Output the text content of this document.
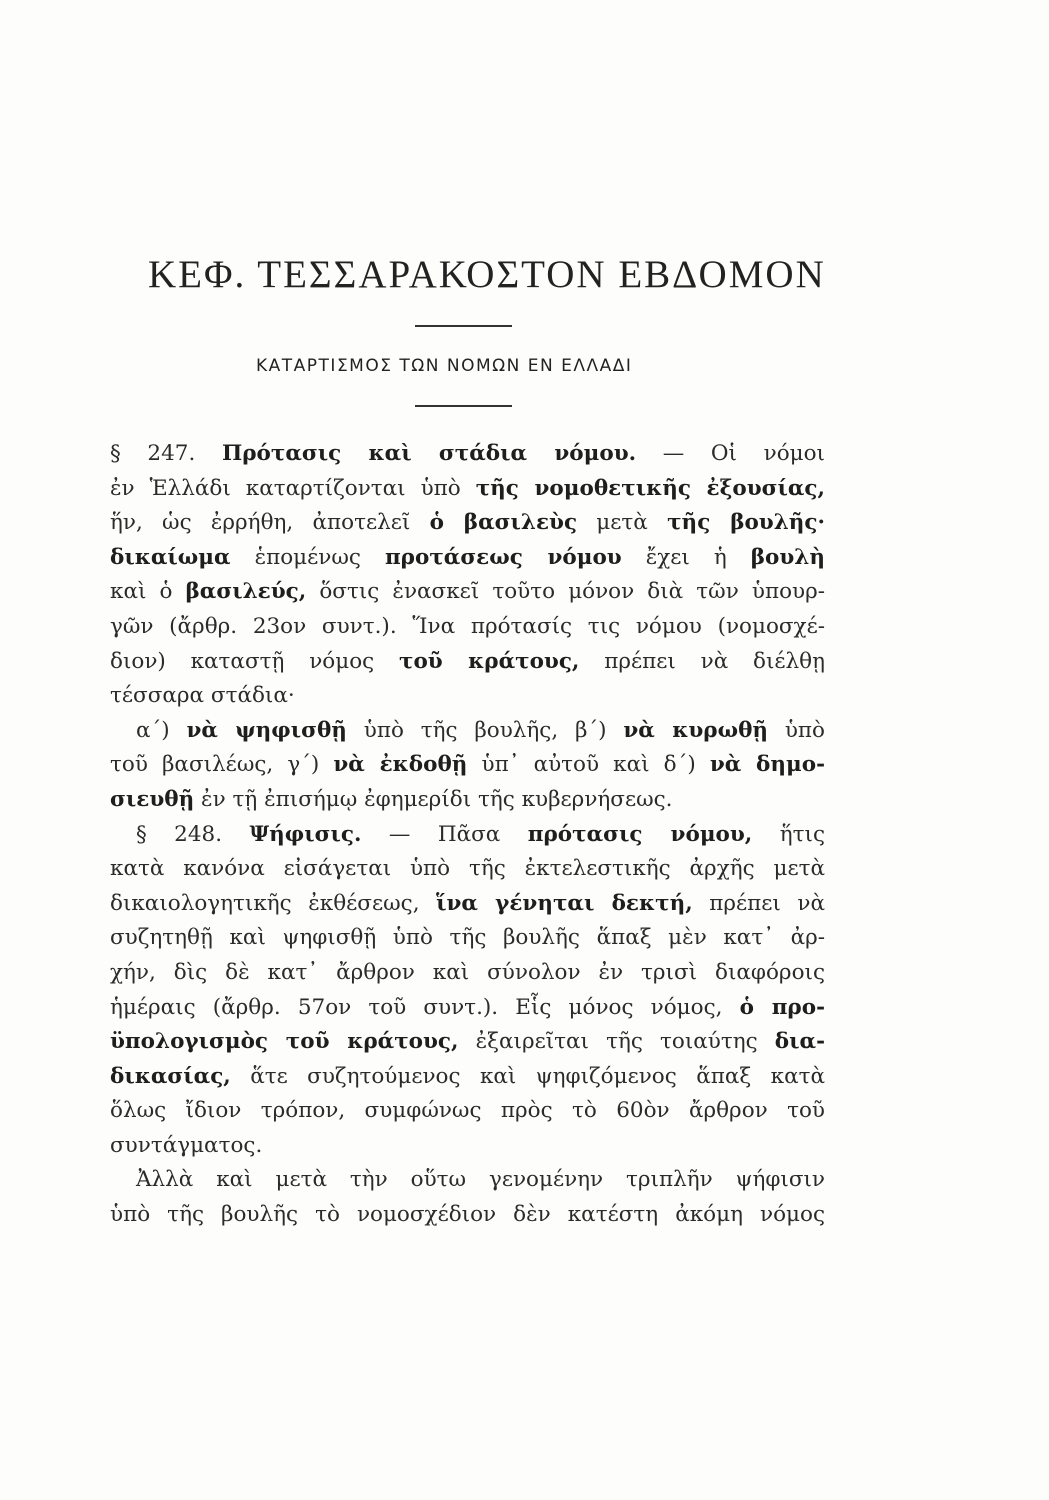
ΚΕΦ. ΤΕΣΣΑΡΑΚΟΣΤΟΝ ΕΒΔΟΜΟΝ
ΚΑΤΑΡΤΙΣΜΟΣ ΤΩΝ ΝΟΜΩΝ ΕΝ ΕΛΛΑΔΙ
§ 247. Πρότασις καὶ στάδια νόμου. — Οἱ νόμοι
ἐν Ἑλλάδι καταρτίζονται ὑπὸ τῆς νομοθετικῆς ἐξουσίας,
ἥν, ὡς ἐρρήθη, ἀποτελεῖ ὁ βασιλεὺς μετὰ τῆς βουλῆς·
δικαίωμα ἑπομένως προτάσεως νόμου ἔχει ἡ βουλὴ
καὶ ὁ βασιλεύς, ὅστις ἐνασκεῖ τοῦτο μόνον διὰ τῶν ὑπουρ-
γῶν (ἄρθρ. 23ον συντ.). Ἵνα πρότασίς τις νόμου (νομοσχέ-
διον) καταστῇ νόμος τοῦ κράτους, πρέπει νὰ διέλθῃ
τέσσαρα στάδια·
α΄) νὰ ψηφισθῇ ὑπὸ τῆς βουλῆς, β΄) νὰ κυρωθῇ ὑπὸ
τοῦ βασιλέως, γ΄) νὰ ἐκδοθῇ ὑπ᾽ αὐτοῦ καὶ δ΄) νὰ δημο-
σιευθῇ ἐν τῇ ἐπισήμῳ ἐφημερίδι τῆς κυβερνήσεως.
§ 248. Ψήφισις. — Πᾶσα πρότασις νόμου, ἥτις
κατὰ κανόνα εἰσάγεται ὑπὸ τῆς ἐκτελεστικῆς ἀρχῆς μετὰ
δικαιολογητικῆς ἐκθέσεως, ἵνα γένηται δεκτή, πρέπει νὰ
συζητηθῇ καὶ ψηφισθῇ ὑπὸ τῆς βουλῆς ἅπαξ μὲν κατ᾽ ἀρ-
χήν, δὶς δὲ κατ᾽ ἄρθρον καὶ σύνολον ἐν τρισὶ διαφόροις
ἡμέραις (ἄρθρ. 57ον τοῦ συντ.). Εἷς μόνος νόμος, ὁ προ-
ϋπολογισμὸς τοῦ κράτους, ἐξαιρεῖται τῆς τοιαύτης δια-
δικασίας, ἅτε συζητούμενος καὶ ψηφιζόμενος ἅπαξ κατὰ
ὅλως ἴδιον τρόπον, συμφώνως πρὸς τὸ 60ὸν ἄρθρον τοῦ
συντάγματος.
Ἀλλὰ καὶ μετὰ τὴν οὕτω γενομένην τριπλῆν ψήφισιν
ὑπὸ τῆς βουλῆς τὸ νομοσχέδιον δὲν κατέστη ἀκόμη νόμος
